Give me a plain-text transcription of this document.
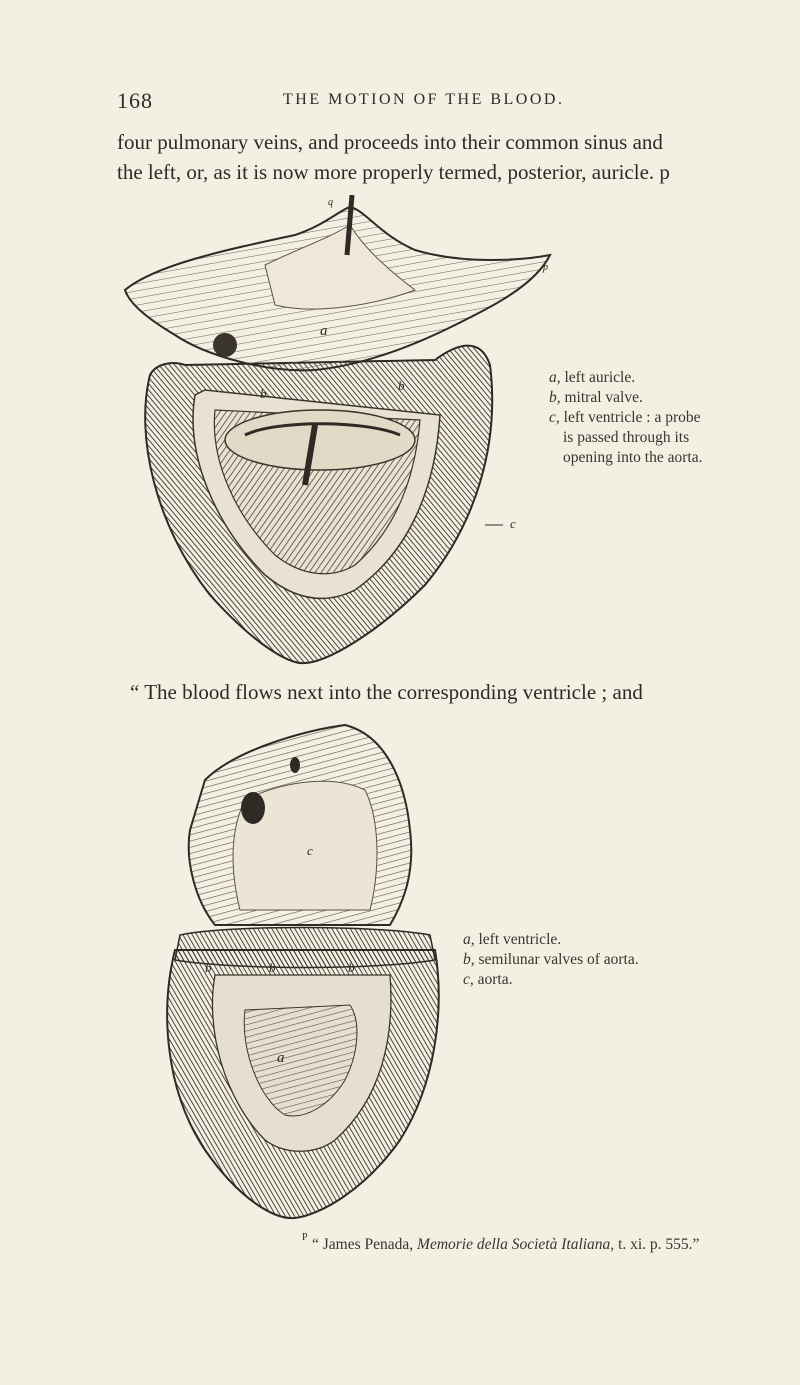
168	THE MOTION OF THE BLOOD.
four pulmonary veins, and proceeds into their common sinus and
the left, or, as it is now more properly termed, posterior, auricle. p
a
b
b
c
p
q
a, left auricle.
b, mitral valve.
c, left ventricle : a probe
is passed through its
opening into the aorta.
“ The blood flows next into the corresponding ventricle ; and
c
b	b	b
a
a, left ventricle.
b, semilunar valves of aorta.
c, aorta.
P “ James Penada, Memorie della Società Italiana, t. xi. p. 555.”
